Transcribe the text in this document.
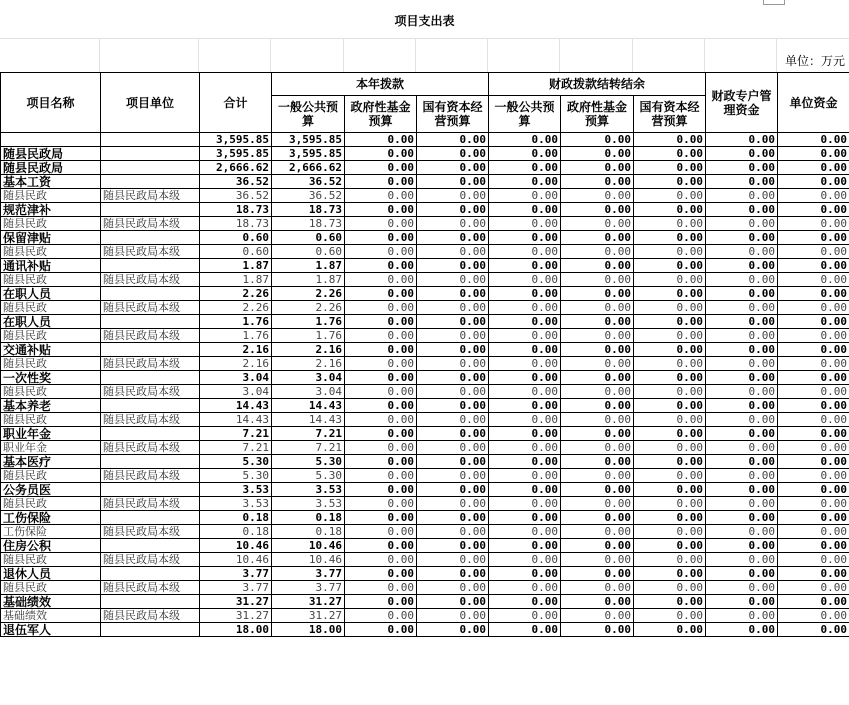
项目支出表
单位：万元
项目名称	项目单位	合计	本年拨款			财政拨款结转结余			财政专户管理资金	单位资金
			一般公共预算	政府性基金预算	国有资本经营预算	一般公共预算	政府性基金预算	国有资本经营预算		
		3,595.85	3,595.85	0.00	0.00	0.00	0.00	0.00	0.00	0.00
随县民政局		3,595.85	3,595.85	0.00	0.00	0.00	0.00	0.00	0.00	0.00
随县民政局		2,666.62	2,666.62	0.00	0.00	0.00	0.00	0.00	0.00	0.00
基本工资		36.52	36.52	0.00	0.00	0.00	0.00	0.00	0.00	0.00
随县民政	随县民政局本级	36.52	36.52	0.00	0.00	0.00	0.00	0.00	0.00	0.00
规范津补		18.73	18.73	0.00	0.00	0.00	0.00	0.00	0.00	0.00
随县民政	随县民政局本级	18.73	18.73	0.00	0.00	0.00	0.00	0.00	0.00	0.00
保留津贴		0.60	0.60	0.00	0.00	0.00	0.00	0.00	0.00	0.00
随县民政	随县民政局本级	0.60	0.60	0.00	0.00	0.00	0.00	0.00	0.00	0.00
通讯补贴		1.87	1.87	0.00	0.00	0.00	0.00	0.00	0.00	0.00
随县民政	随县民政局本级	1.87	1.87	0.00	0.00	0.00	0.00	0.00	0.00	0.00
在职人员		2.26	2.26	0.00	0.00	0.00	0.00	0.00	0.00	0.00
随县民政	随县民政局本级	2.26	2.26	0.00	0.00	0.00	0.00	0.00	0.00	0.00
在职人员		1.76	1.76	0.00	0.00	0.00	0.00	0.00	0.00	0.00
随县民政	随县民政局本级	1.76	1.76	0.00	0.00	0.00	0.00	0.00	0.00	0.00
交通补贴		2.16	2.16	0.00	0.00	0.00	0.00	0.00	0.00	0.00
随县民政	随县民政局本级	2.16	2.16	0.00	0.00	0.00	0.00	0.00	0.00	0.00
一次性奖		3.04	3.04	0.00	0.00	0.00	0.00	0.00	0.00	0.00
随县民政	随县民政局本级	3.04	3.04	0.00	0.00	0.00	0.00	0.00	0.00	0.00
基本养老		14.43	14.43	0.00	0.00	0.00	0.00	0.00	0.00	0.00
随县民政	随县民政局本级	14.43	14.43	0.00	0.00	0.00	0.00	0.00	0.00	0.00
职业年金		7.21	7.21	0.00	0.00	0.00	0.00	0.00	0.00	0.00
职业年金	随县民政局本级	7.21	7.21	0.00	0.00	0.00	0.00	0.00	0.00	0.00
基本医疗		5.30	5.30	0.00	0.00	0.00	0.00	0.00	0.00	0.00
随县民政	随县民政局本级	5.30	5.30	0.00	0.00	0.00	0.00	0.00	0.00	0.00
公务员医		3.53	3.53	0.00	0.00	0.00	0.00	0.00	0.00	0.00
随县民政	随县民政局本级	3.53	3.53	0.00	0.00	0.00	0.00	0.00	0.00	0.00
工伤保险		0.18	0.18	0.00	0.00	0.00	0.00	0.00	0.00	0.00
工伤保险	随县民政局本级	0.18	0.18	0.00	0.00	0.00	0.00	0.00	0.00	0.00
住房公积		10.46	10.46	0.00	0.00	0.00	0.00	0.00	0.00	0.00
随县民政	随县民政局本级	10.46	10.46	0.00	0.00	0.00	0.00	0.00	0.00	0.00
退休人员		3.77	3.77	0.00	0.00	0.00	0.00	0.00	0.00	0.00
随县民政	随县民政局本级	3.77	3.77	0.00	0.00	0.00	0.00	0.00	0.00	0.00
基础绩效		31.27	31.27	0.00	0.00	0.00	0.00	0.00	0.00	0.00
基础绩效	随县民政局本级	31.27	31.27	0.00	0.00	0.00	0.00	0.00	0.00	0.00
退伍军人		18.00	18.00	0.00	0.00	0.00	0.00	0.00	0.00	0.00
